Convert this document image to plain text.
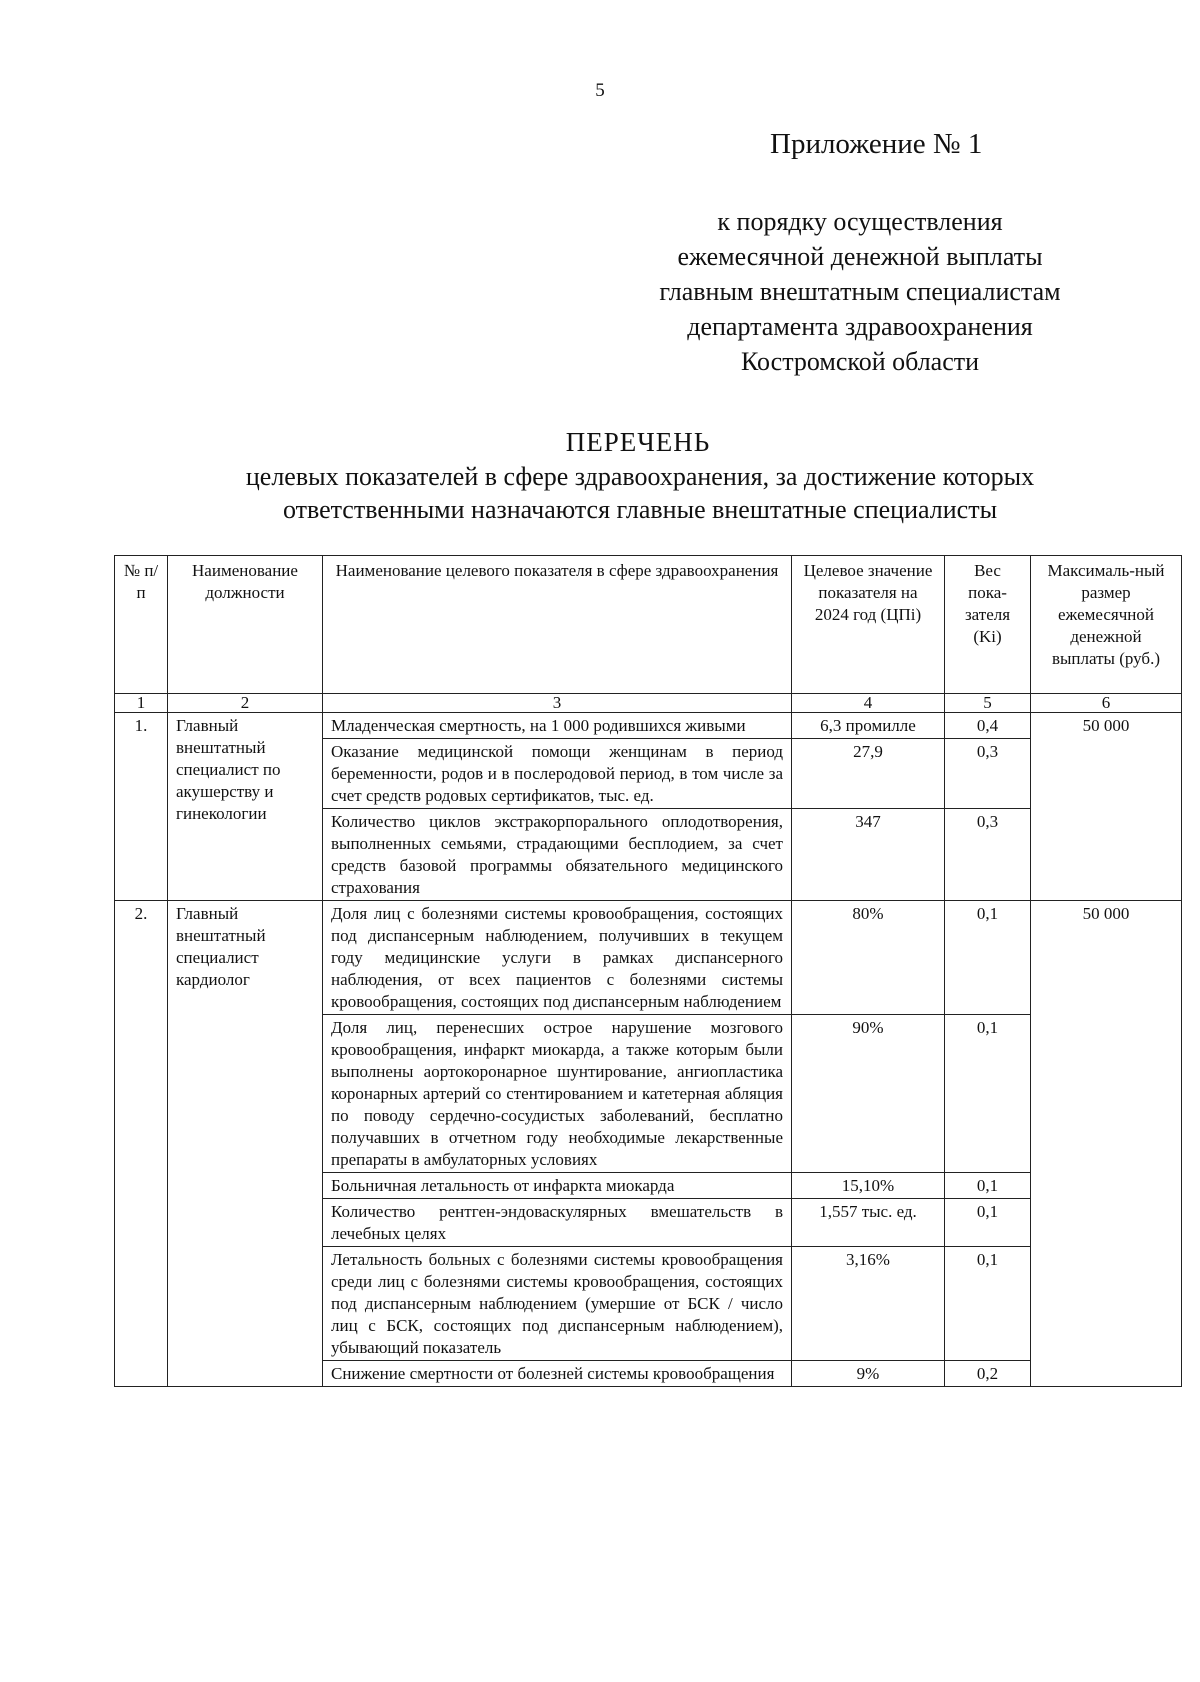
5
Приложение № 1
к порядку осуществления
ежемесячной денежной выплаты
главным внештатным специалистам
департамента здравоохранения
Костромской области
ПЕРЕЧЕНЬ
целевых показателей в сфере здравоохранения, за достижение которых
ответственными назначаются главные внештатные специалисты
№ п/п	Наименование должности	Наименование целевого показателя в сфере здравоохранения	Целевое значение показателя на 2024 год (ЦПi)	Вес пока-зателя (Ki)	Максималь-ный размер ежемесячной денежной выплаты (руб.)
1	2	3	4	5	6
1.	Главный внештатный специалист по акушерству и гинекологии	Младенческая смертность, на 1 000 родившихся живыми	6,3 промилле	0,4	50 000
		Оказание медицинской помощи женщинам в период беременности, родов и в послеродовой период, в том числе за счет средств родовых сертификатов, тыс. ед.	27,9	0,3	
		Количество циклов экстракорпорального оплодотворения, выполненных семьями, страдающими бесплодием, за счет средств базовой программы обязательного медицинского страхования	347	0,3	
2.	Главный внештатный специалист кардиолог	Доля лиц с болезнями системы кровообращения, состоящих под диспансерным наблюдением, получивших в текущем году медицинские услуги в рамках диспансерного наблюдения, от всех пациентов с болезнями системы кровообращения, состоящих под диспансерным наблюдением	80%	0,1	50 000
		Доля лиц, перенесших острое нарушение мозгового кровообращения, инфаркт миокарда, а также которым были выполнены аортокоронарное шунтирование, ангиопластика коронарных артерий со стентированием и катетерная абляция по поводу сердечно-сосудистых заболеваний, бесплатно получавших в отчетном году необходимые лекарственные препараты в амбулаторных условиях	90%	0,1	
		Больничная летальность от инфаркта миокарда	15,10%	0,1	
		Количество рентген-эндоваскулярных вмешательств в лечебных целях	1,557 тыс. ед.	0,1	
		Летальность больных с болезнями системы кровообращения среди лиц с болезнями системы кровообращения, состоящих под диспансерным наблюдением (умершие от БСК / число лиц с БСК, состоящих под диспансерным наблюдением), убывающий показатель	3,16%	0,1	
		Снижение смертности от болезней системы кровообращения	9%	0,2	
